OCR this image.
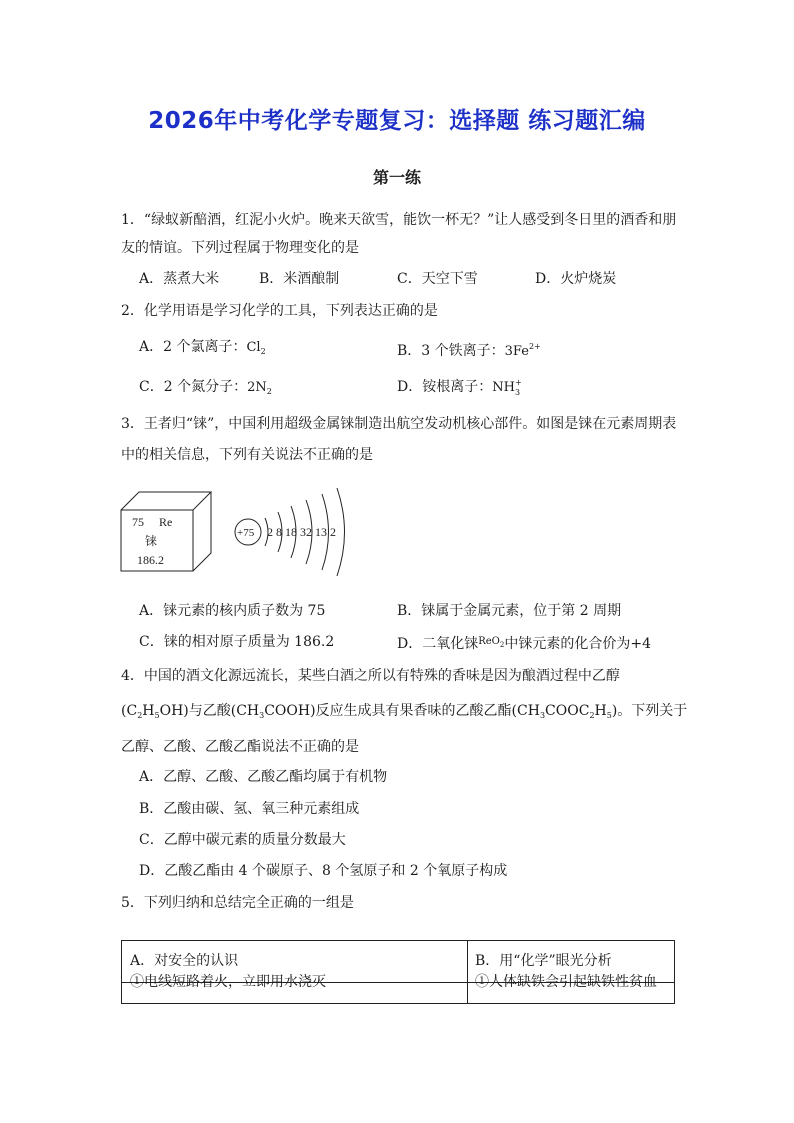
2026年中考化学专题复习：选择题 练习题汇编
第一练
1．“绿蚁新醅酒，红泥小火炉。晚来天欲雪，能饮一杯无？”让人感受到冬日里的酒香和朋
友的情谊。下列过程属于物理变化的是
A．蒸煮大米	B．米酒酿制	C．天空下雪	D．火炉烧炭
2．化学用语是学习化学的工具，下列表达正确的是
A．2 个氯离子：$Cl_2$	B．3 个铁离子：$3Fe^{2+}$
C．2 个氮分子：$2N_2$	D．铵根离子：NH +
3
3．王者归“铼”，中国利用超级金属铼制造出航空发动机核心部件。如图是铼在元素周期表
中的相关信息，下列有关说法不正确的是
75 Re
铼
186.2
+75 2 8 18 32 13 2
A．铼元素的核内质子数为 75	B．铼属于金属元素，位于第 2 周期
C．铼的相对原子质量为 186.2	D．二氧化铼$^{ReO}$2中铼元素的化合价为+4
4．中国的酒文化源远流长，某些白酒之所以有特殊的香味是因为酿酒过程中乙醇
$(C_2H_5OH)$与乙酸$(CH_3COOH)$反应生成具有果香味的乙酸乙酯$(CH_3COOC_2H_5)$。下列关于
乙醇、乙酸、乙酸乙酯说法不正确的是
A．乙醇、乙酸、乙酸乙酯均属于有机物
B．乙酸由碳、氢、氧三种元素组成
C．乙醇中碳元素的质量分数最大
D．乙酸乙酯由 4 个碳原子、8 个氢原子和 2 个氧原子构成
5．下列归纳和总结完全正确的一组是
A．对安全的认识	B．用“化学”眼光分析
①电线短路着火，立即用水浇灭	①人体缺铁会引起缺铁性贫血
